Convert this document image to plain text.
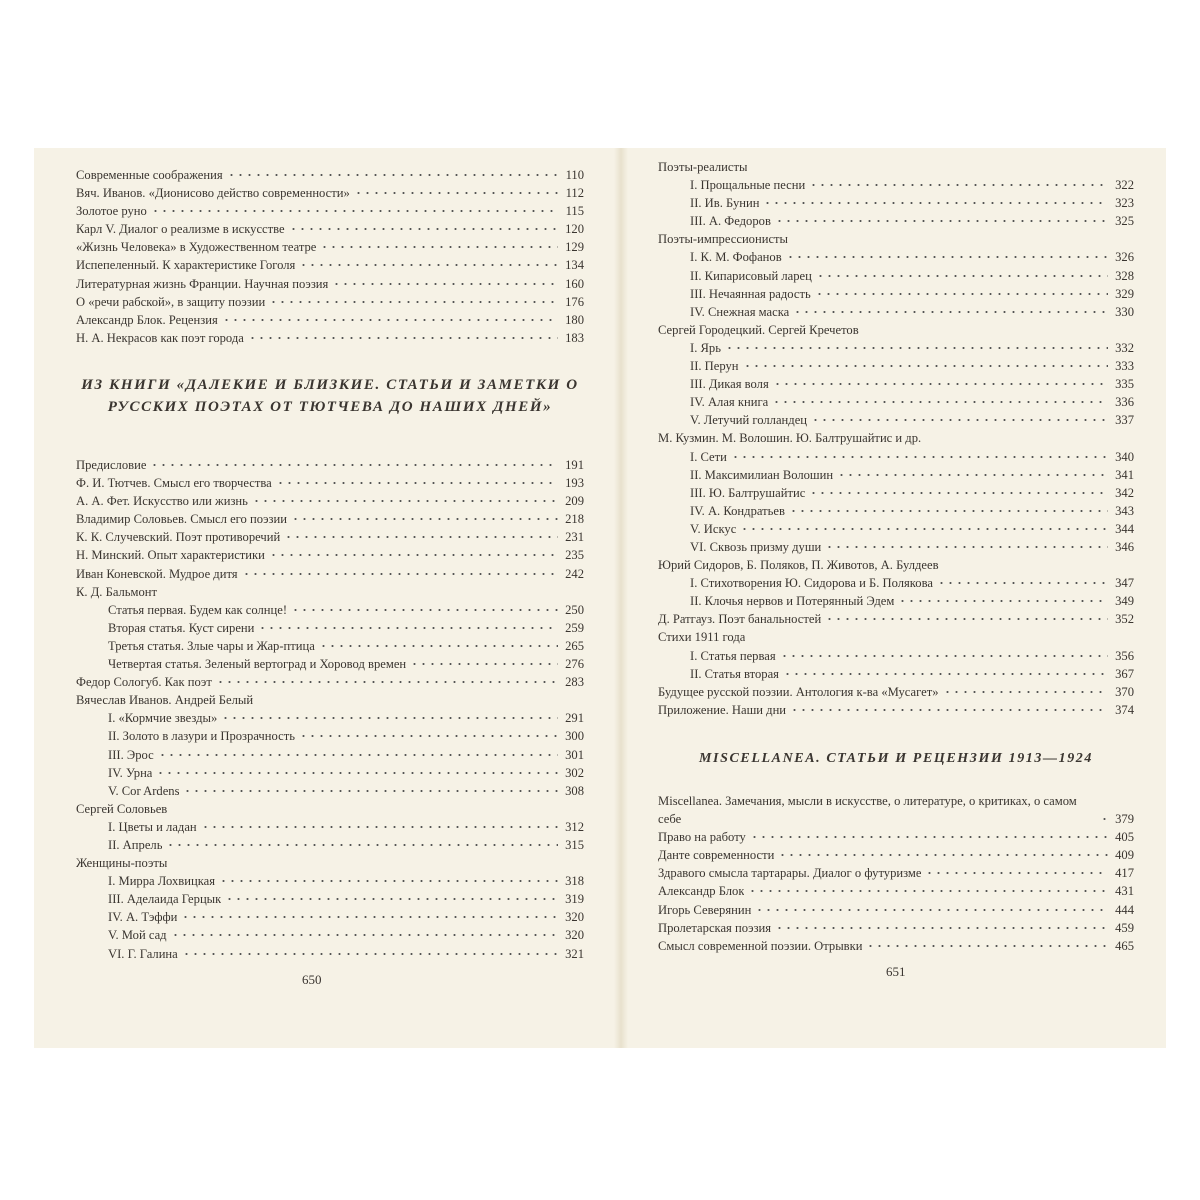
Современные соображения	110
Вяч. Иванов. «Дионисово действо современности»	112
Золотое руно	115
Карл V. Диалог о реализме в искусстве	120
«Жизнь Человека» в Художественном театре	129
Испепеленный. К характеристике Гоголя	134
Литературная жизнь Франции. Научная поэзия	160
О «речи рабской», в защиту поэзии	176
Александр Блок. Рецензия	180
Н. А. Некрасов как поэт города	183
ИЗ КНИГИ «ДАЛЕКИЕ И БЛИЗКИЕ. СТАТЬИ И ЗАМЕТКИ О РУССКИХ ПОЭТАХ ОТ ТЮТЧЕВА ДО НАШИХ ДНЕЙ»
Предисловие	191
Ф. И. Тютчев. Смысл его творчества	193
А. А. Фет. Искусство или жизнь	209
Владимир Соловьев. Смысл его поэзии	218
К. К. Случевский. Поэт противоречий	231
Н. Минский. Опыт характеристики	235
Иван Коневской. Мудрое дитя	242
К. Д. Бальмонт
Статья первая. Будем как солнце!	250
Вторая статья. Куст сирени	259
Третья статья. Злые чары и Жар-птица	265
Четвертая статья. Зеленый вертоград и Хоровод времен	276
Федор Сологуб. Как поэт	283
Вячеслав Иванов. Андрей Белый
I. «Кормчие звезды»	291
II. Золото в лазури и Прозрачность	300
III. Эрос	301
IV. Урна	302
V. Cor Ardens	308
Сергей Соловьев
I. Цветы и ладан	312
II. Апрель	315
Женщины-поэты
I. Мирра Лохвицкая	318
III. Аделаида Герцык	319
IV. А. Тэффи	320
V. Мой сад	320
VI. Г. Галина	321
650
Поэты-реалисты
I. Прощальные песни	322
II. Ив. Бунин	323
III. А. Федоров	325
Поэты-импрессионисты
I. К. М. Фофанов	326
II. Кипарисовый ларец	328
III. Нечаянная радость	329
IV. Снежная маска	330
Сергей Городецкий. Сергей Кречетов
I. Ярь	332
II. Перун	333
III. Дикая воля	335
IV. Алая книга	336
V. Летучий голландец	337
М. Кузмин. М. Волошин. Ю. Балтрушайтис и др.
I. Сети	340
II. Максимилиан Волошин	341
III. Ю. Балтрушайтис	342
IV. А. Кондратьев	343
V. Искус	344
VI. Сквозь призму души	346
Юрий Сидоров, Б. Поляков, П. Животов, А. Булдеев
I. Стихотворения Ю. Сидорова и Б. Полякова	347
II. Клочья нервов и Потерянный Эдем	349
Д. Ратгауз. Поэт банальностей	352
Стихи 1911 года
I. Статья первая	356
II. Статья вторая	367
Будущее русской поэзии. Антология к-ва «Мусагет»	370
Приложение. Наши дни	374
MISCELLANEA. СТАТЬИ И РЕЦЕНЗИИ 1913—1924
Miscellanea. Замечания, мысли в искусстве, о литературе, о критиках, о самом себе	379
Право на работу	405
Данте современности	409
Здравого смысла тартарары. Диалог о футуризме	417
Александр Блок	431
Игорь Северянин	444
Пролетарская поэзия	459
Смысл современной поэзии. Отрывки	465
651
